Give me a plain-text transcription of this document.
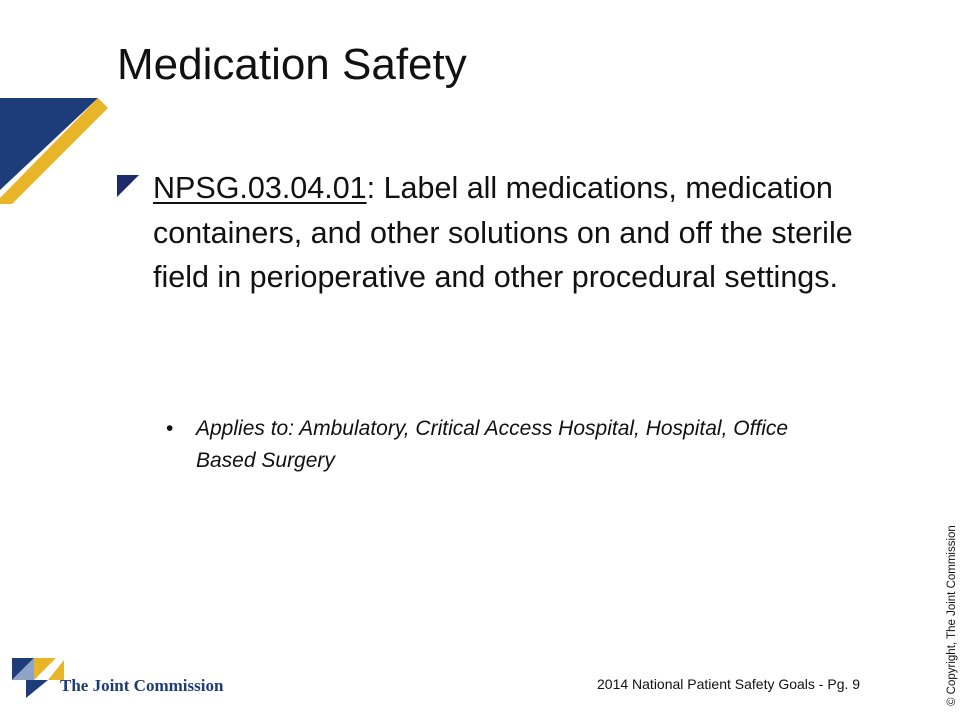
Medication Safety
NPSG.03.04.01: Label all medications, medication containers, and other solutions on and off the sterile field in perioperative and other procedural settings.
• Applies to: Ambulatory, Critical Access Hospital, Hospital, Office Based Surgery
The Joint Commission	2014 National Patient Safety Goals - Pg. 9	© Copyright, The Joint Commission
